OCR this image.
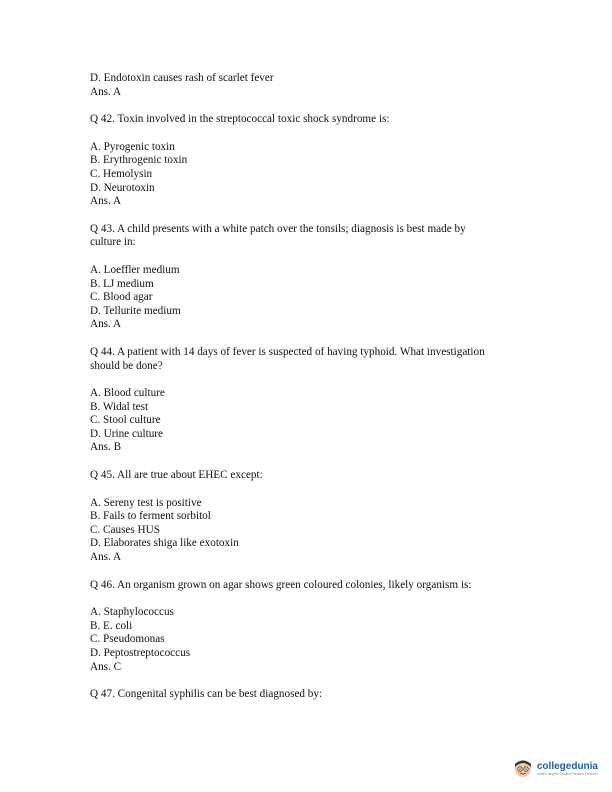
D. Endotoxin causes rash of scarlet fever
Ans. A
Q 42. Toxin involved in the streptococcal toxic shock syndrome is:
A. Pyrogenic toxin
B. Erythrogenic toxin
C. Hemolysin
D. Neurotoxin
Ans. A
Q 43. A child presents with a white patch over the tonsils; diagnosis is best made by
culture in:
A. Loeffler medium
B. LJ medium
C. Blood agar
D. Tellurite medium
Ans. A
Q 44. A patient with 14 days of fever is suspected of having typhoid. What investigation
should be done?
A. Blood culture
B. Widal test
C. Stool culture
D. Urine culture
Ans. B
Q 45. All are true about EHEC except:
A. Sereny test is positive
B. Fails to ferment sorbitol
C. Causes HUS
D. Elaborates shiga like exotoxin
Ans. A
Q 46. An organism grown on agar shows green coloured colonies, likely organism is:
A. Staphylococcus
B. E. coli
C. Pseudomonas
D. Peptostreptococcus
Ans. C
Q 47. Congenital syphilis can be best diagnosed by:
collegedunia
India's largest Student Review Platform
